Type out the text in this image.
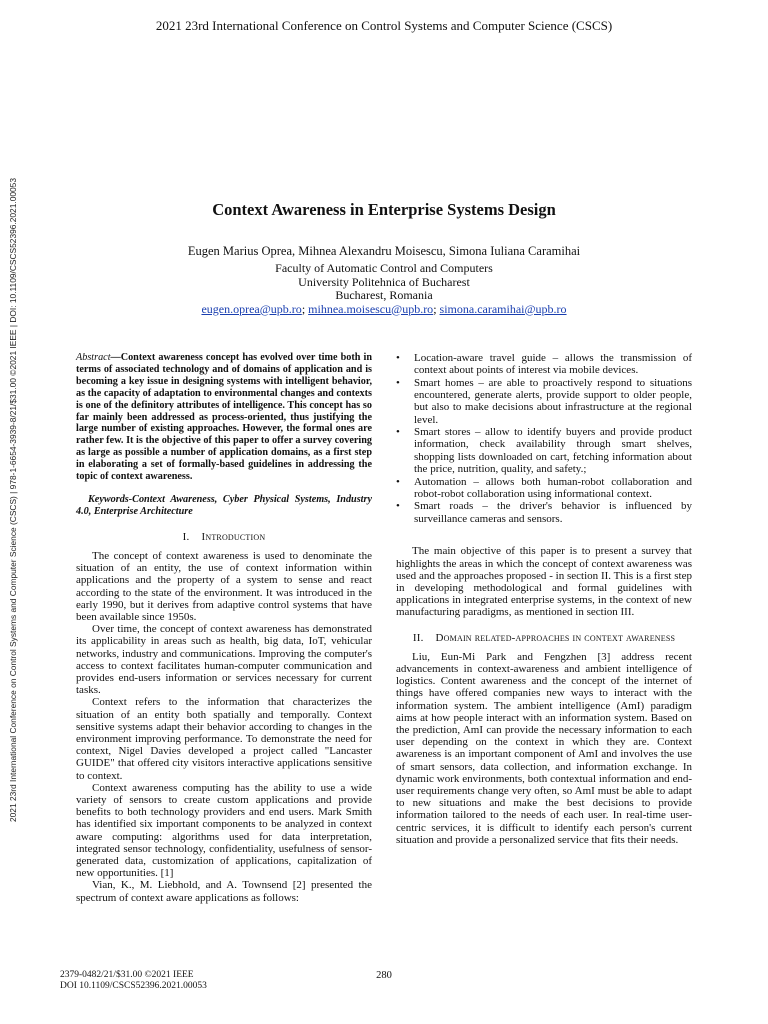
2021 23rd International Conference on Control Systems and Computer Science (CSCS)
2021 23rd International Conference on Control Systems and Computer Science (CSCS) | 978-1-6654-3939-8/21/$31.00 ©2021 IEEE | DOI: 10.1109/CSCS52396.2021.00053	Context Awareness in Enterprise Systems Design
Eugen Marius Oprea, Mihnea Alexandru Moisescu, Simona Iuliana Caramihai
Faculty of Automatic Control and Computers
University Politehnica of Bucharest
Bucharest, Romania
eugen.oprea@upb.ro; mihnea.moisescu@upb.ro; simona.caramihai@upb.ro

Abstract—Context awareness concept has evolved over time both in terms of associated technology and of domains of application and is becoming a key issue in designing systems with intelligent behavior, as the capacity of adaptation to environmental changes and contexts is one of the definitory attributes of intelligence. This concept has so far mainly been addressed as process-oriented, thus justifying the large number of existing approaches. However, the formal ones are rather few. It is the objective of this paper to offer a survey covering as large as possible a number of application domains, as a first step in elaborating a set of formally-based guidelines in addressing the topic of context awareness.

Keywords-Context Awareness, Cyber Physical Systems, Industry 4.0, Enterprise Architecture

I. Introduction

The concept of context awareness is used to denominate the situation of an entity, the use of context information within applications and the property of a system to sense and react according to the state of the environment. It was introduced in the early 1990, but it derives from adaptive control systems that have been available since 1950s.

Over time, the concept of context awareness has demonstrated its applicability in areas such as health, big data, IoT, vehicular networks, industry and communications. Improving the computer's access to context facilitates human-computer communication and provides end-users information or services necessary for current tasks.

Context refers to the information that characterizes the situation of an entity both spatially and temporally. Context sensitive systems adapt their behavior according to changes in the environment improving performance. To demonstrate the need for context, Nigel Davies developed a project called "Lancaster GUIDE" that offered city visitors interactive applications sensitive to context.

Context awareness computing has the ability to use a wide variety of sensors to create custom applications and provide benefits to both technology providers and end users. Mark Smith has identified six important components to be analyzed in context aware computing: algorithms used for data interpretation, integrated sensor technology, confidentiality, usefulness of sensor-generated data, customization of applications, capitalization of new opportunities. [1]

Vian, K., M. Liebhold, and A. Townsend [2] presented the spectrum of context aware applications as follows:

• Location-aware travel guide – allows the transmission of context about points of interest via mobile devices.
• Smart homes – are able to proactively respond to situations encountered, generate alerts, provide support to older people, but also to make decisions about infrastructure at the regional level.
• Smart stores – allow to identify buyers and provide product information, check availability through smart shelves, shopping lists downloaded on cart, fetching information about the price, nutrition, quality, and safety.;
• Automation – allows both human-robot collaboration and robot-robot collaboration using informational context.
• Smart roads – the driver's behavior is influenced by surveillance cameras and sensors.

The main objective of this paper is to present a survey that highlights the areas in which the concept of context awareness was used and the approaches proposed - in section II. This is a first step in developing methodological and formal guidelines with applications in integrated enterprise systems, in the context of new manufacturing paradigms, as mentioned in section III.

II. Domain related-approaches in context awareness

Liu, Eun-Mi Park and Fengzhen [3] address recent advancements in context-awareness and ambient intelligence of logistics. Content awareness and the concept of the internet of things have offered companies new ways to interact with the information system. The ambient intelligence (AmI) paradigm aims at how people interact with an information system. Based on the prediction, AmI can provide the necessary information to each user depending on the context in which they are. Context awareness is an important component of AmI and involves the use of smart sensors, data collection, and information exchange. In dynamic work environments, both contextual information and end-user requirements change very often, so AmI must be able to adapt to new situations and make the best decisions to provide information tailored to the needs of each user. In real-time user-centric services, it is difficult to identify each person's current situation and provide a personalized service that fits their needs.

2379-0482/21/$31.00 ©2021 IEEE
DOI 10.1109/CSCS52396.2021.00053
280
